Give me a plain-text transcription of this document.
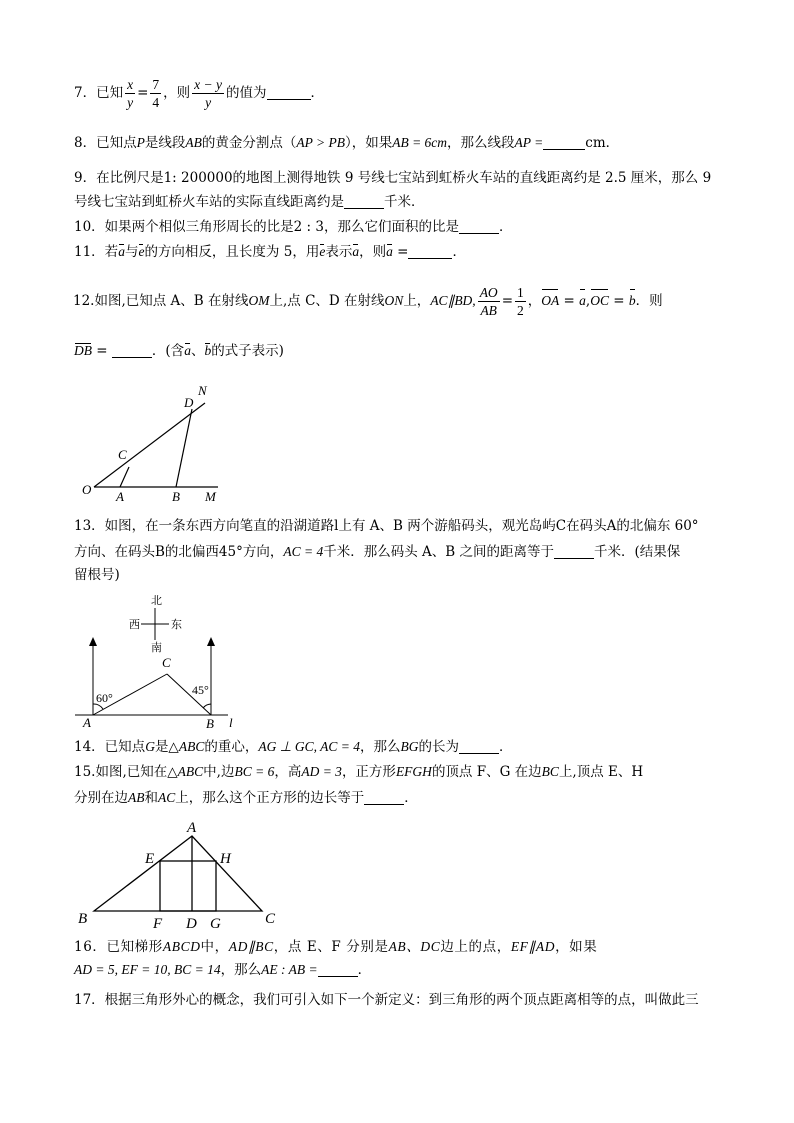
7．已知 $\frac{x}{y} = \frac{7}{4}$ ，则 $\frac{x - y}{y}$ 的值为	．
8．已知点P是线段AB的黄金分割点（AP > PB），如果AB = 6cm，那么线段AP =	cm．
9．在比例尺是1: 200000的地图上测得地铁 9 号线七宝站到虹桥火车站的直线距离约是 2.5 厘米，那么 9
号线七宝站到虹桥火车站的实际直线距离约是	千米．
10．如果两个相似三角形周长的比是2 : 3，那么它们面积的比是	．
11．若a与e的方向相反，且长度为 5，用e表示a，则a =	．
12.如图,已知点 A、B 在射线OM上,点 C、D 在射线ON上，AC∥BD, $\frac{AO}{AB} = \frac{1}{2}$ ，OA = a,OC = b．则
DB =	．(含a、b的式子表示)
O A	B M
C
D
N
13．如图，在一条东西方向笔直的沿湖道路l上有 A、B 两个游船码头，观光岛屿C在码头A的北偏东 60°
方向、在码头B的北偏西45°方向，AC = 4千米．那么码头 A、B 之间的距离等于	千米．(结果保
留根号)
北
南
西	东
60°
45°
A	B
C
l
14．已知点G是△ABC的重心，AG ⊥ GC, AC = 4，那么BG的长为	．
15.如图,已知在△ABC中,边BC = 6，高AD = 3，正方形EFGH的顶点 F、G 在边BC上,顶点 E、H
分别在边AB和AC上，那么这个正方形的边长等于	．
A
B	C
D
E
F	G
H
16．已知梯形ABCD中，AD∥BC，点 E、F 分别是AB、DC边上的点，EF∥AD，如果
AD = 5, EF = 10, BC = 14，那么AE : AB =	．
17．根据三角形外心的概念，我们可引入如下一个新定义：到三角形的两个顶点距离相等的点，叫做此三
